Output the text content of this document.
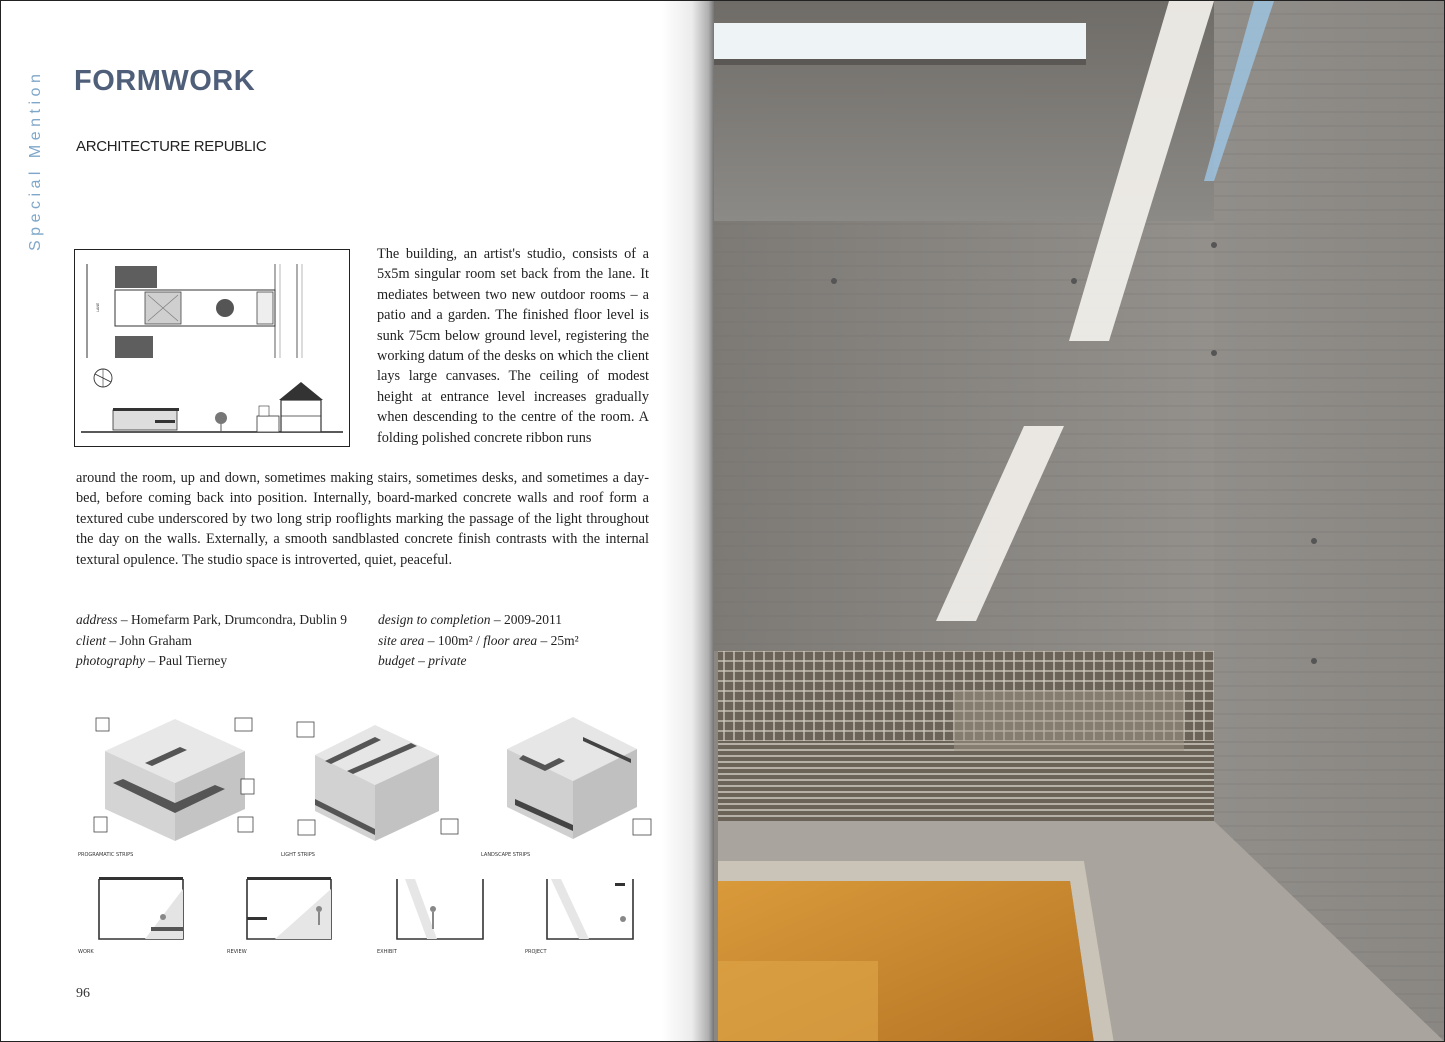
Special Mention FORMWORK
ARCHITECTURE REPUBLIC
LANE
The building, an artist's studio, consists of a 5x5m singular room set back from the lane. It mediates between two new outdoor rooms – a patio and a garden. The finished floor level is sunk 75cm below ground level, registering the working datum of the desks on which the client lays large canvases. The ceiling of modest height at entrance level increases gradually when descending to the centre of the room. A folding polished concrete ribbon runs
around the room, up and down, sometimes making stairs, sometimes desks, and sometimes a day-bed, before coming back into position. Internally, board-marked concrete walls and roof form a textured cube underscored by two long strip rooflights marking the passage of the light throughout the day on the walls. Externally, a smooth sandblasted concrete finish contrasts with the internal textural opulence. The studio space is introverted, quiet, peaceful.
address – Homefarm Park, Drumcondra, Dublin 9
client – John Graham
photography – Paul Tierney
design to completion – 2009-2011
site area – 100m² / floor area – 25m²
budget – private
PROGRAMATIC STRIPS	LIGHT STRIPS	LANDSCAPE STRIPS
WORK	REVIEW	EXHIBIT	PROJECT
96
